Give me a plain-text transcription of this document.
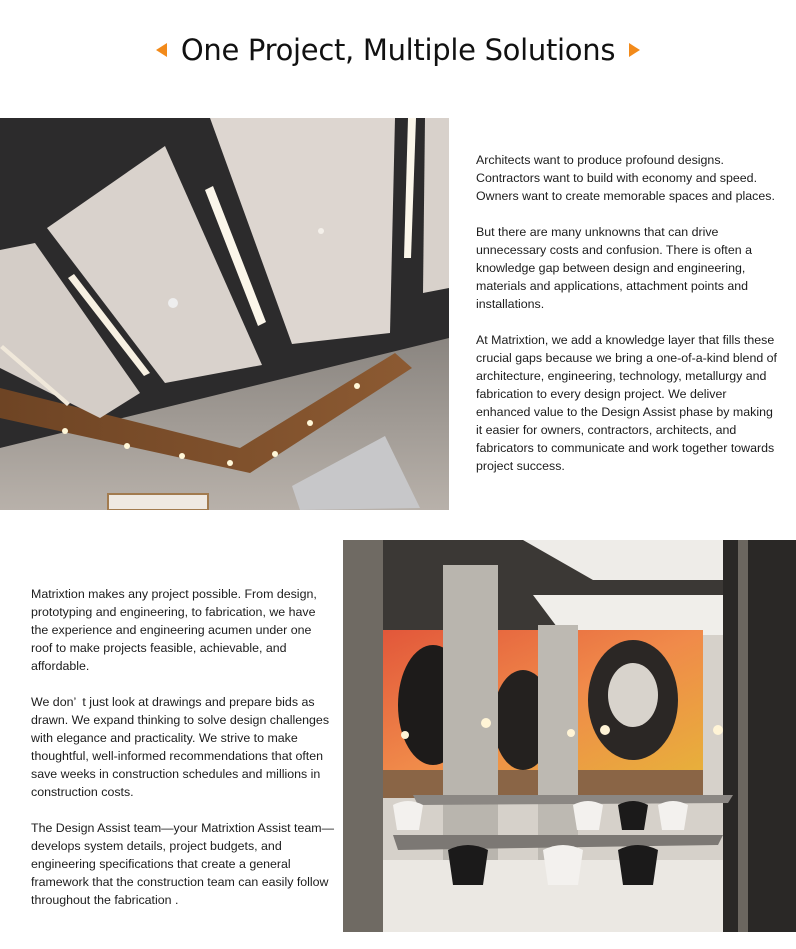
One Project, Multiple Solutions

Architects want to produce profound designs. Contractors want to build with economy and speed. Owners want to create memorable spaces and places.

But there are many unknowns that can drive unnecessary costs and confusion. There is often a knowledge gap between design and engineering, materials and applications, attachment points and installations.

At Matrixtion, we add a knowledge layer that fills these crucial gaps because we bring a one-of-a-kind blend of architecture, engineering, technology, metallurgy and fabrication to every design project. We deliver enhanced value to the Design Assist phase by making it easier for owners, contractors, architects, and fabricators to communicate and work together towards project success.

Matrixtion makes any project possible. From design, prototyping and engineering, to fabrication, we have the experience and engineering acumen under one roof to make projects feasible, achievable, and affordable.

We don’ t just look at drawings and prepare bids as drawn. We expand thinking to solve design challenges with elegance and practicality. We strive to make thoughtful, well-informed recommendations that often save weeks in construction schedules and millions in construction costs.

The Design Assist team—your Matrixtion Assist team—develops system details, project budgets, and engineering specifications that create a general framework that the construction team can easily follow throughout the fabrication .
